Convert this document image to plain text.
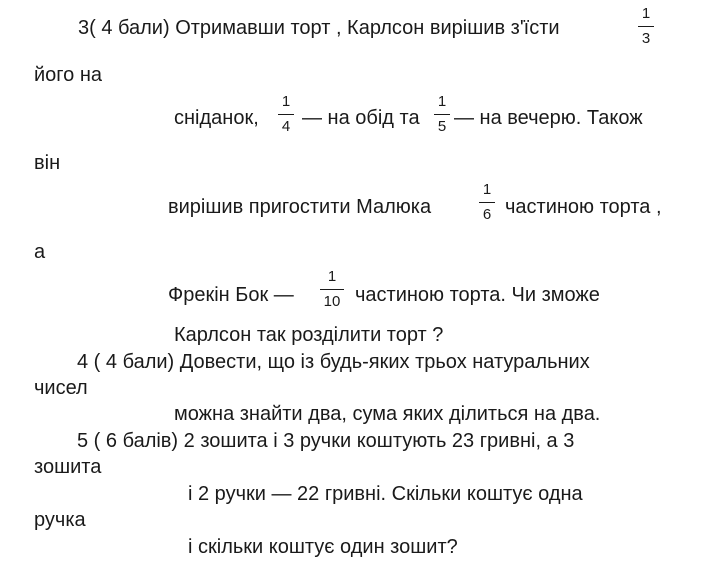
3( 4 бали) Отримавши торт , Карлсон вирішив з'їсти
1
3
його на
сніданок,
1
4 — на обід та
1
5 — на вечерю. Також
він
вирішив пригостити Малюка
1
6 частиною торта ,
а
Фрекін Бок —
1
10 частиною торта. Чи зможе
Карлсон так розділити торт ?
4 ( 4 бали) Довести, що із будь-яких трьох натуральних
чисел
можна знайти два, сума яких ділиться на два.
5 ( 6 балів) 2 зошита і 3 ручки коштують 23 гривні, а 3
зошита
і 2 ручки — 22 гривні. Скільки коштує одна
ручка
і скільки коштує один зошит?
